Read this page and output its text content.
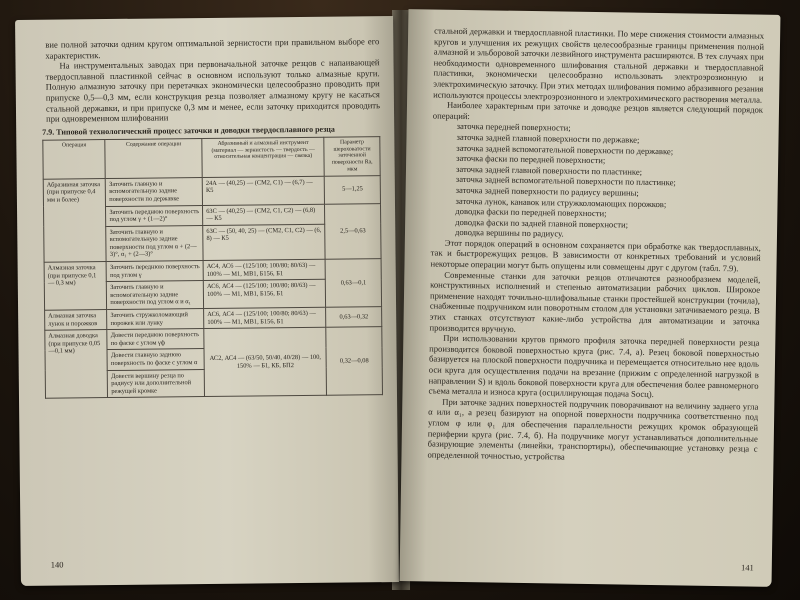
вие полной заточки одним кругом оптимальной зернистости при правильном выборе его характеристик.

На инструментальных заводах при первоначальной заточке резцов с напаивающей твердосплавной пластинкой сейчас в основном используют только алмазные круги. Полную алмазную заточку при перетачках экономически целесообразно проводить при припуске 0,5—0,3 мм, если конструкция резца позволяет алмазному кругу не касаться стальной державки, и при припуске 0,3 мм и менее, если заточку приходится проводить при одновременном шлифовании

7.9. Типовой технологический процесс заточки и доводки твердосплавного резца
Операция	Содержание операции	Абразивный и алмазный инструмент (материал — зернистость — твердость — относительная концентрация — связка)	Параметр шероховатости заточенной поверхности Ra, мкм
Абразивная заточка (при припуске 0,4 мм и более)	Заточить главную и вспомогательную задние поверхности по державке	24А — (40,25) — (СМ2, С1) — (6,7) — К5	5—1,25
	Заточить переднюю поверхность под углом γ + (1—2)°	63С — (40,25) — (СМ2, С1, С2) — (6,8) — К5	2,5—0,63
	Заточить главную и вспомогательную задние поверхности под углом α + (2—3)°, α₁ + (2—3)°	63С — (50, 40, 25) — (СМ2, С1, С2) — (6, 8) — К5	
Алмазная заточка (при припуске 0,1 — 0,3 мм)	Заточить переднюю поверхность под углом γ	АС4, АС6 — (125/100; 100/80; 80/63) — 100% — М1, МВ1, Б156, Б1	0,63—0,1
	Заточить главную и вспомогательную задние поверхности под углом α и α₁	АС6, АС4 — (125/100; 100/80; 80/63) — 100% — М1, МВ1, Б156, Б1	
Алмазная заточка лунок и порожков	Заточить стружколомающий порожек или лунку	АС6, АС4 — (125/100; 100/80; 80/63) — 100% — М1, МВ1, Б156, Б1	0,63—0,32
Алмазная доводка (при припуске 0,05—0,1 мм)	Довести переднюю поверхность по фаске с углом γф	АС2, АС4 — (63/50, 50/40, 40/28) — 100, 150% — Б1, КБ, БП2	0,32—0,08
	Довести главную заднюю поверхность по фаске с углом α		
	Довести вершину резца по радиусу или дополнительной режущей кромке		
140

стальной державки и твердосплавной пластинки. По мере снижения стоимости алмазных кругов и улучшения их режущих свойств целесообразные границы применения полной алмазной и эльборовой заточки лезвийного инструмента расширяются. В тех случаях при необходимости одновременного шлифования стальной державки и твердосплавной пластинки, экономически целесообразно использовать электроэрозионную и электрохимическую заточку. При этих методах шлифования помимо абразивного резания используются процессы электроэрозионного и электрохимического растворения металла.

Наиболее характерным при заточке и доводке резцов является следующий порядок операций:

заточка передней поверхности;

заточка задней главной поверхности по державке;

заточка задней вспомогательной поверхности по державке;

заточка фаски по передней поверхности;

заточка задней главной поверхности по пластинке;

заточка задней вспомогательной поверхности по пластинке;

заточка задней поверхности по радиусу вершины;

заточка лунок, канавок или стружколомающих порожков;

доводка фаски по передней поверхности;

доводка фаски по задней главной поверхности;

доводка вершины по радиусу.

Этот порядок операций в основном сохраняется при обработке как твердосплавных, так и быстрорежущих резцов. В зависимости от конкретных требований и условий некоторые операции могут быть опущены или совмещены друг с другом (табл. 7.9).

Современные станки для заточки резцов отличаются разнообразием моделей, конструктивных исполнений и степенью автоматизации рабочих циклов. Широкое применение находят точильно-шлифовальные станки простейшей конструкции (точила), снабженные подручником или поворотным столом для установки затачиваемого резца. В этих станках отсутствуют какие-либо устройства для автоматизации и заточка производится вручную.

При использовании кругов прямого профиля заточка передней поверхности резца производится боковой поверхностью круга (рис. 7.4, а). Резец боковой поверхностью базируется на плоской поверхности подручника и перемещается относительно нее вдоль оси круга для осуществления подачи на врезание (прижим с определенной нагрузкой в направлении S) и вдоль боковой поверхности круга для обеспечения более равномерного съема металла и износа круга (осциллирующая подача Sосц).

При заточке задних поверхностей подручник поворачивают на величину заднего угла α или α₁, а резец базируют на опорной поверхности подручника соответственно под углом φ или φ₁ для обеспечения параллельности режущих кромок образующей периферии круга (рис. 7.4, б). На подручнике могут устанавливаться дополнительные базирующие элементы (линейки, транспортиры), обеспечивающие установку резца с определенной точностью, устройства

141
